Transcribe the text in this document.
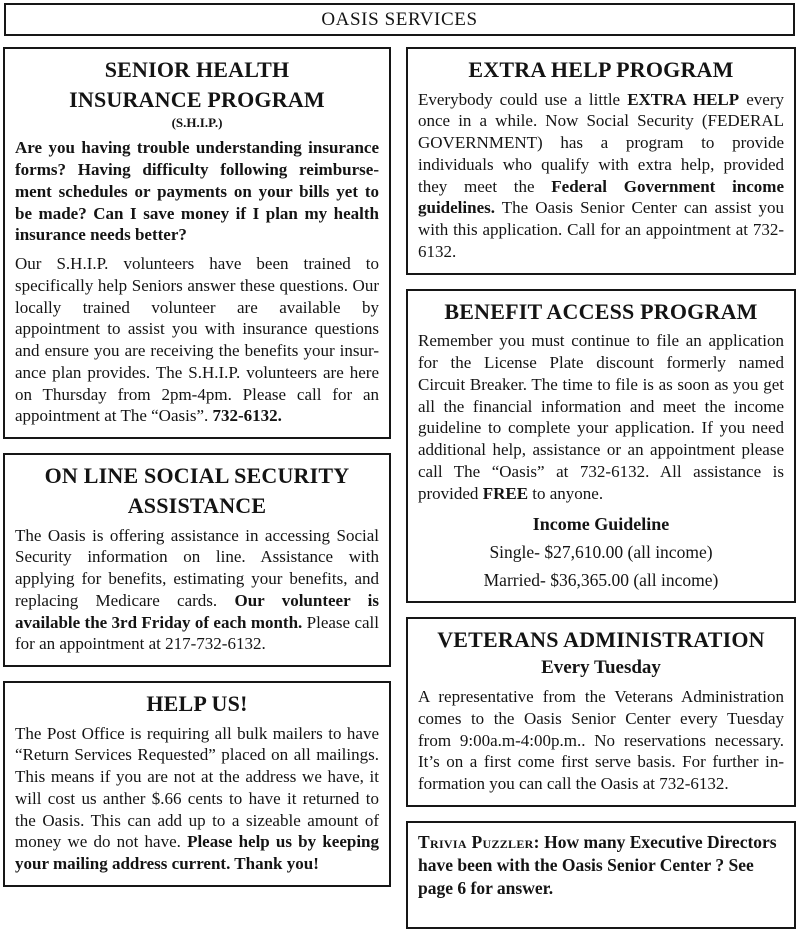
OASIS SERVICES
SENIOR HEALTH
INSURANCE PROGRAM
(S.H.I.P.)

Are you having trouble understanding insurance forms? Having difficulty following reimburse-ment schedules or payments on your bills yet to be made? Can I save money if I plan my health insurance needs better?

Our S.H.I.P. volunteers have been trained to specifically help Seniors answer these questions. Our locally trained volunteer are available by appointment to assist you with insurance questions and ensure you are receiving the benefits your insur-ance plan provides. The S.H.I.P. volunteers are here on Thursday from 2pm-4pm. Please call for an appointment at The “Oasis”. 732-6132.

ON LINE SOCIAL SECURITY
ASSISTANCE

The Oasis is offering assistance in accessing Social Security information on line. Assistance with applying for benefits, estimating your benefits, and replacing Medicare cards. Our volunteer is available the 3rd Friday of each month. Please call for an appointment at 217-732-6132.

HELP US!

The Post Office is requiring all bulk mailers to have “Return Services Requested” placed on all mailings. This means if you are not at the address we have, it will cost us anther $.66 cents to have it returned to the Oasis. This can add up to a sizeable amount of money we do not have. Please help us by keeping your mailing address current. Thank you!

EXTRA HELP PROGRAM

Everybody could use a little EXTRA HELP every once in a while. Now Social Security (FEDERAL GOVERNMENT) has a program to provide individuals who qualify with extra help, provided they meet the Federal Government income guidelines. The Oasis Senior Center can assist you with this application. Call for an appointment at 732-6132.

BENEFIT ACCESS PROGRAM

Remember you must continue to file an application for the License Plate discount formerly named Circuit Breaker. The time to file is as soon as you get all the financial information and meet the income guideline to complete your application. If you need additional help, assistance or an appointment please call The “Oasis” at 732-6132. All assistance is provided FREE to anyone.

Income Guideline
Single- $27,610.00 (all income)
Married- $36,365.00 (all income)
VETERANS ADMINISTRATION
Every Tuesday

A representative from the Veterans Administration comes to the Oasis Senior Center every Tuesday from 9:00a.m-4:00p.m.. No reservations necessary. It’s on a first come first serve basis. For further in-formation you can call the Oasis at 732-6132.

Trivia Puzzler: How many Executive Directors have been with the Oasis Senior Center ? See page 6 for answer.
